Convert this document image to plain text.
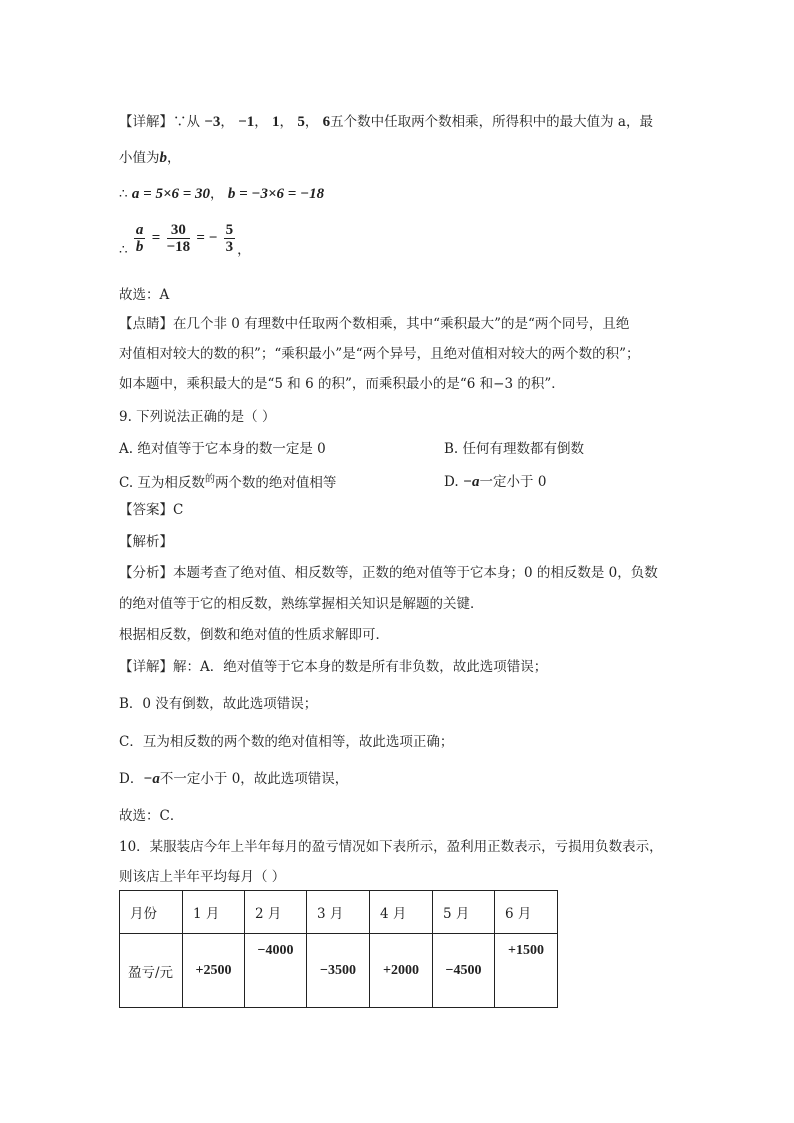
【详解】∵从 −3， −1， 1， 5， 6五个数中任取两个数相乘，所得积中的最大值为 a，最
小值为b，
∴ a = 5×6 = 30， b = −3×6 = −18
∴ $\frac{a}{b} = \frac{30}{-18}$ = − $\frac{5}{3}$ ，
故选：A
【点睛】在几个非 0 有理数中任取两个数相乘，其中“乘积最大”的是“两个同号，且绝
对值相对较大的数的积”；“乘积最小”是“两个异号，且绝对值相对较大的两个数的积”；
如本题中，乘积最大的是“5 和 6 的积”，而乘积最小的是“6 和−3 的积”．
9. 下列说法正确的是（ ）
A. 绝对值等于它本身的数一定是 0	B. 任何有理数都有倒数
C. 互为相反数$^的$两个数的绝对值相等	D. −a一定小于 0
【答案】C
【解析】
【分析】本题考查了绝对值、相反数等，正数的绝对值等于它本身；0 的相反数是 0，负数
的绝对值等于它的相反数，熟练掌握相关知识是解题的关键．
根据相反数，倒数和绝对值的性质求解即可．
【详解】解：A．绝对值等于它本身的数是所有非负数，故此选项错误；
B．0 没有倒数，故此选项错误；
C．互为相反数的两个数的绝对值相等，故此选项正确；
D．−a不一定小于 0，故此选项错误，
故选：C．
10．某服装店今年上半年每月的盈亏情况如下表所示，盈利用正数表示，亏损用负数表示，
则该店上半年平均每月（ ）
月份	1 月	2 月	3 月	4 月	5 月	6 月
盈亏/元	+2500	−4000	−3500	+2000	−4500	+1500
